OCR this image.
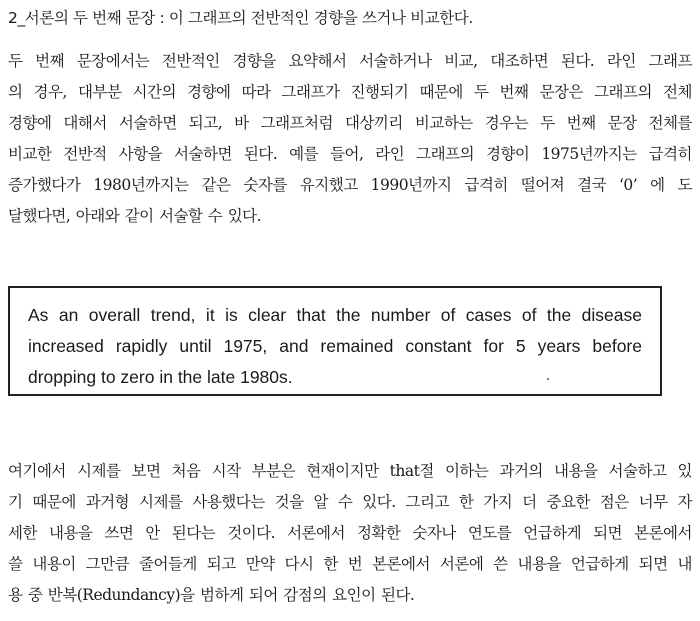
2_서론의 두 번째 문장 : 이 그래프의 전반적인 경향을 쓰거나 비교한다.
두 번째 문장에서는 전반적인 경향을 요약해서 서술하거나 비교, 대조하면 된다. 라인 그래프
의 경우, 대부분 시간의 경향에 따라 그래프가 진행되기 때문에 두 번째 문장은 그래프의 전체
경향에 대해서 서술하면 되고, 바 그래프처럼 대상끼리 비교하는 경우는 두 번째 문장 전체를
비교한 전반적 사항을 서술하면 된다. 예를 들어, 라인 그래프의 경향이 1975년까지는 급격히
증가했다가 1980년까지는 같은 숫자를 유지했고 1990년까지 급격히 떨어져 결국 ‘0’ 에 도
달했다면, 아래와 같이 서술할 수 있다.
As an overall trend, it is clear that the number of cases of the disease
increased rapidly until 1975, and remained constant for 5 years before
dropping to zero in the late 1980s.
여기에서 시제를 보면 처음 시작 부분은 현재이지만 that절 이하는 과거의 내용을 서술하고 있
기 때문에 과거형 시제를 사용했다는 것을 알 수 있다. 그리고 한 가지 더 중요한 점은 너무 자
세한 내용을 쓰면 안 된다는 것이다. 서론에서 정확한 숫자나 연도를 언급하게 되면 본론에서
쓸 내용이 그만큼 줄어들게 되고 만약 다시 한 번 본론에서 서론에 쓴 내용을 언급하게 되면 내
용 중 반복(Redundancy)을 범하게 되어 감점의 요인이 된다.
